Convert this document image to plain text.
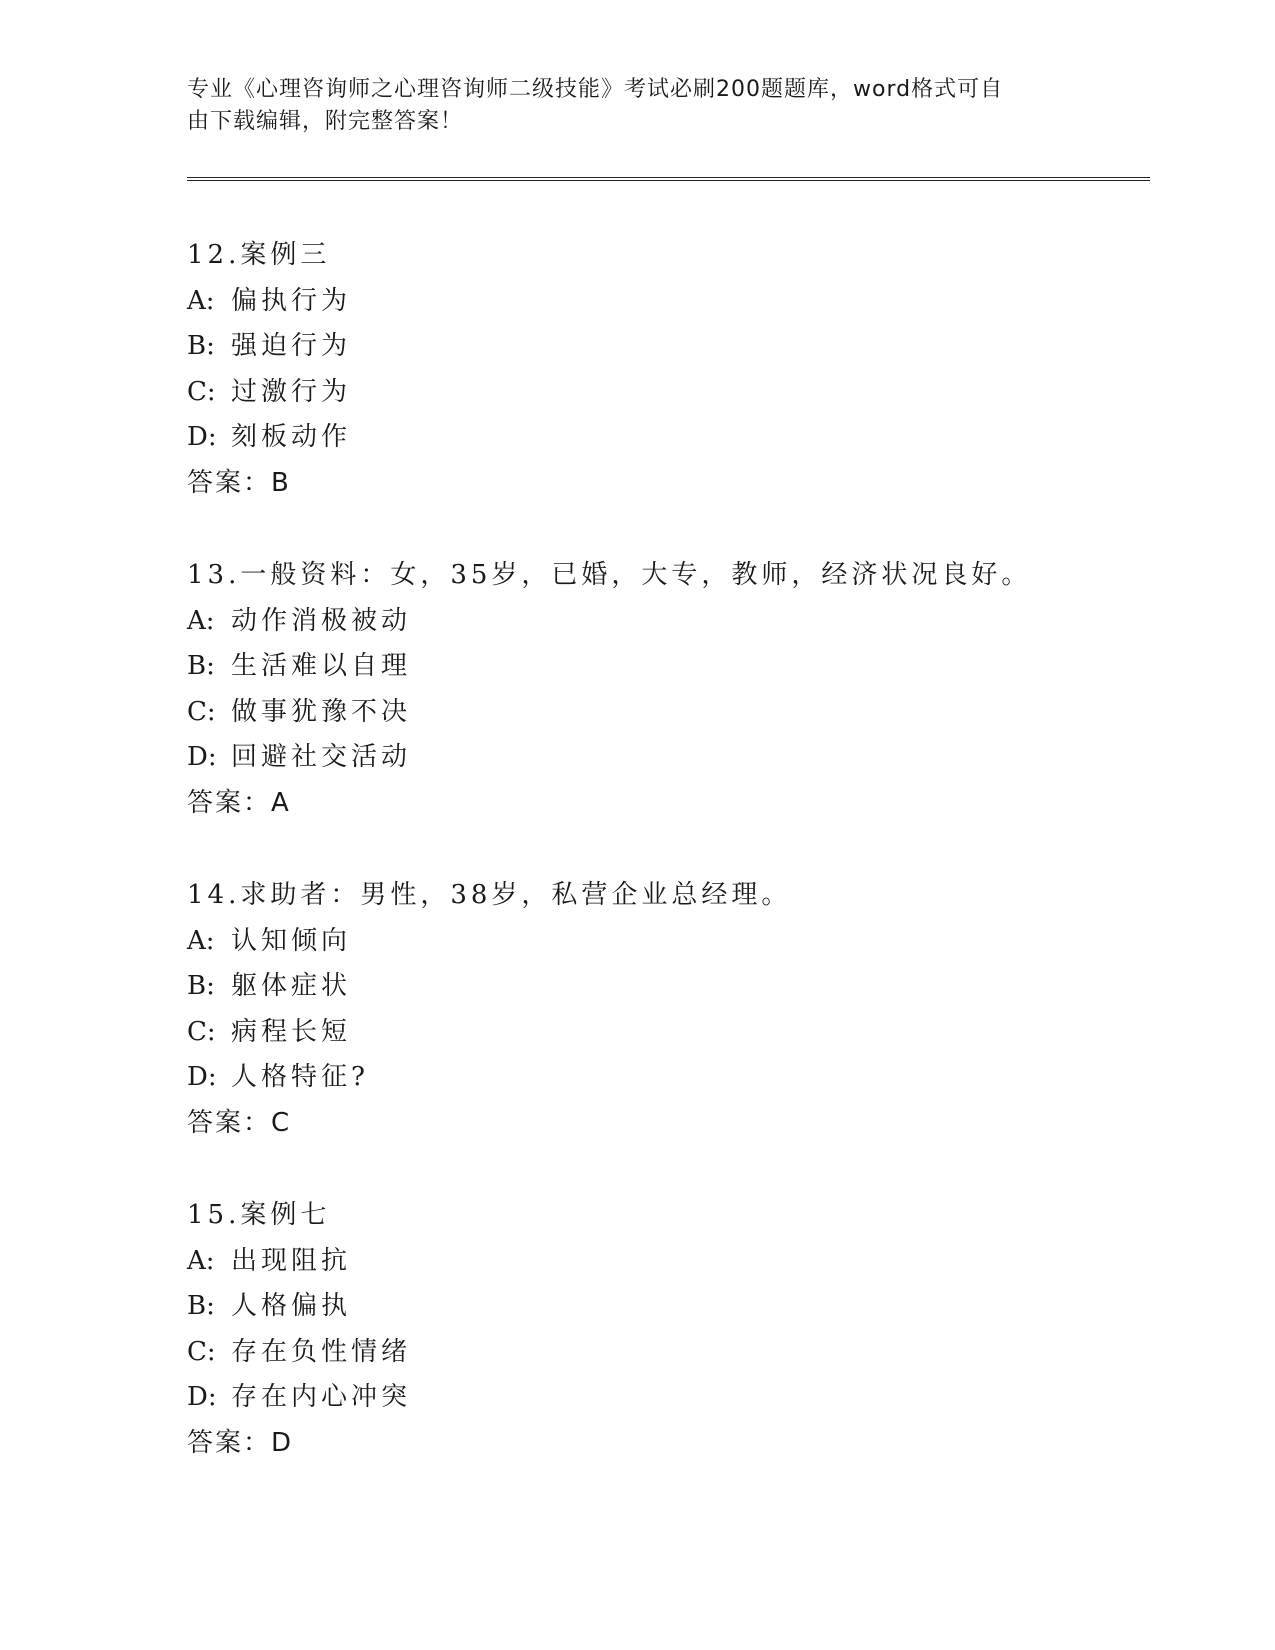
专业《心理咨询师之心理咨询师二级技能》考试必刷200题题库，word格式可自
由下载编辑，附完整答案！
12.案例三
A: 偏执行为
B: 强迫行为
C: 过激行为
D: 刻板动作
答案：B
13.一般资料：女，35岁，已婚，大专，教师，经济状况良好。
A: 动作消极被动
B: 生活难以自理
C: 做事犹豫不决
D: 回避社交活动
答案：A
14.求助者：男性，38岁，私营企业总经理。
A: 认知倾向
B: 躯体症状
C: 病程长短
D: 人格特征?
答案：C
15.案例七
A: 出现阻抗
B: 人格偏执
C: 存在负性情绪
D: 存在内心冲突
答案：D
